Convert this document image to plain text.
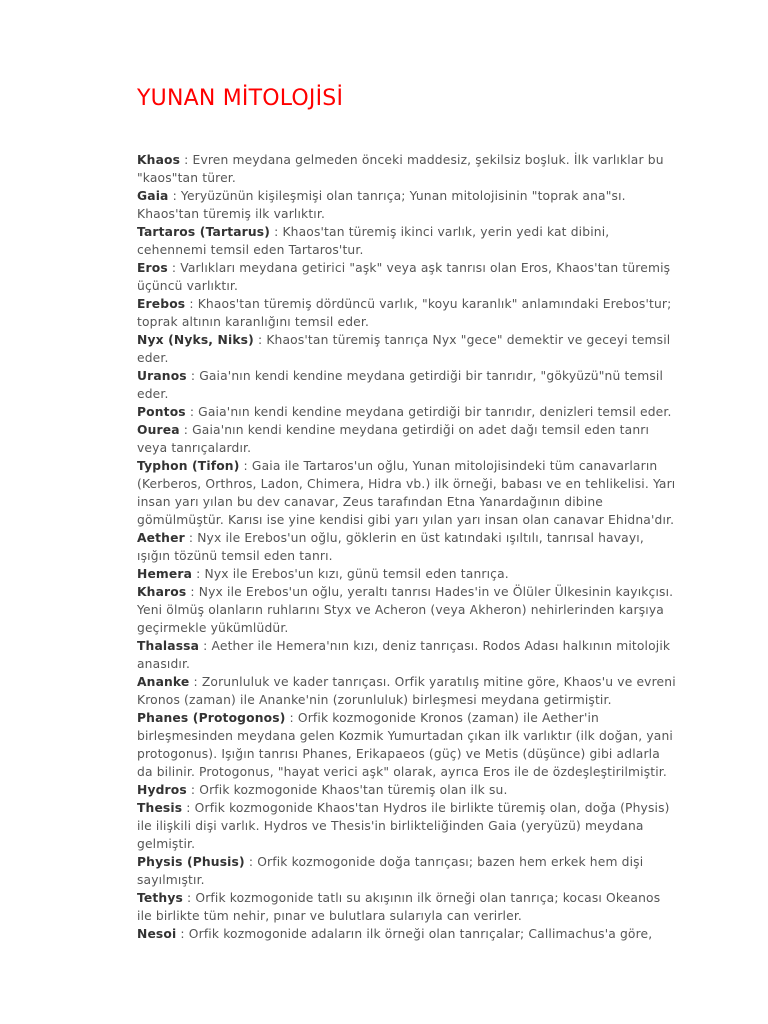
YUNAN MİTOLOJİSİ

Khaos : Evren meydana gelmeden önceki maddesiz, şekilsiz boşluk. İlk varlıklar bu "kaos"tan türer.

Gaia : Yeryüzünün kişileşmişi olan tanrıça; Yunan mitolojisinin "toprak ana"sı. Khaos'tan türemiş ilk varlıktır.

Tartaros (Tartarus) : Khaos'tan türemiş ikinci varlık, yerin yedi kat dibini, cehennemi temsil eden Tartaros'tur.

Eros : Varlıkları meydana getirici "aşk" veya aşk tanrısı olan Eros, Khaos'tan türemiş üçüncü varlıktır.

Erebos : Khaos'tan türemiş dördüncü varlık, "koyu karanlık" anlamındaki Erebos'tur; toprak altının karanlığını temsil eder.

Nyx (Nyks, Niks) : Khaos'tan türemiş tanrıça Nyx "gece" demektir ve geceyi temsil eder.

Uranos : Gaia'nın kendi kendine meydana getirdiği bir tanrıdır, "gökyüzü"nü temsil eder.

Pontos : Gaia'nın kendi kendine meydana getirdiği bir tanrıdır, denizleri temsil eder.

Ourea : Gaia'nın kendi kendine meydana getirdiği on adet dağı temsil eden tanrı veya tanrıçalardır.

Typhon (Tifon) : Gaia ile Tartaros'un oğlu, Yunan mitolojisindeki tüm canavarların (Kerberos, Orthros, Ladon, Chimera, Hidra vb.) ilk örneği, babası ve en tehlikelisi. Yarı insan yarı yılan bu dev canavar, Zeus tarafından Etna Yanardağının dibine gömülmüştür. Karısı ise yine kendisi gibi yarı yılan yarı insan olan canavar Ehidna'dır.

Aether : Nyx ile Erebos'un oğlu, göklerin en üst katındaki ışıltılı, tanrısal havayı, ışığın tözünü temsil eden tanrı.

Hemera : Nyx ile Erebos'un kızı, günü temsil eden tanrıça.

Kharos : Nyx ile Erebos'un oğlu, yeraltı tanrısı Hades'in ve Ölüler Ülkesinin kayıkçısı. Yeni ölmüş olanların ruhlarını Styx ve Acheron (veya Akheron) nehirlerinden karşıya geçirmekle yükümlüdür.

Thalassa : Aether ile Hemera'nın kızı, deniz tanrıçası. Rodos Adası halkının mitolojik anasıdır.

Ananke : Zorunluluk ve kader tanrıçası. Orfik yaratılış mitine göre, Khaos'u ve evreni Kronos (zaman) ile Ananke'nin (zorunluluk) birleşmesi meydana getirmiştir.

Phanes (Protogonos) : Orfik kozmogonide Kronos (zaman) ile Aether'in birleşmesinden meydana gelen Kozmik Yumurtadan çıkan ilk varlıktır (ilk doğan, yani protogonus). Işığın tanrısı Phanes, Erikapaeos (güç) ve Metis (düşünce) gibi adlarla da bilinir. Protogonus, "hayat verici aşk" olarak, ayrıca Eros ile de özdeşleştirilmiştir.

Hydros : Orfik kozmogonide Khaos'tan türemiş olan ilk su.

Thesis : Orfik kozmogonide Khaos'tan Hydros ile birlikte türemiş olan, doğa (Physis) ile ilişkili dişi varlık. Hydros ve Thesis'in birlikteliğinden Gaia (yeryüzü) meydana gelmiştir.

Physis (Phusis) : Orfik kozmogonide doğa tanrıçası; bazen hem erkek hem dişi sayılmıştır.

Tethys : Orfik kozmogonide tatlı su akışının ilk örneği olan tanrıça; kocası Okeanos ile birlikte tüm nehir, pınar ve bulutlara sularıyla can verirler.

Nesoi : Orfik kozmogonide adaların ilk örneği olan tanrıçalar; Callimachus'a göre,
